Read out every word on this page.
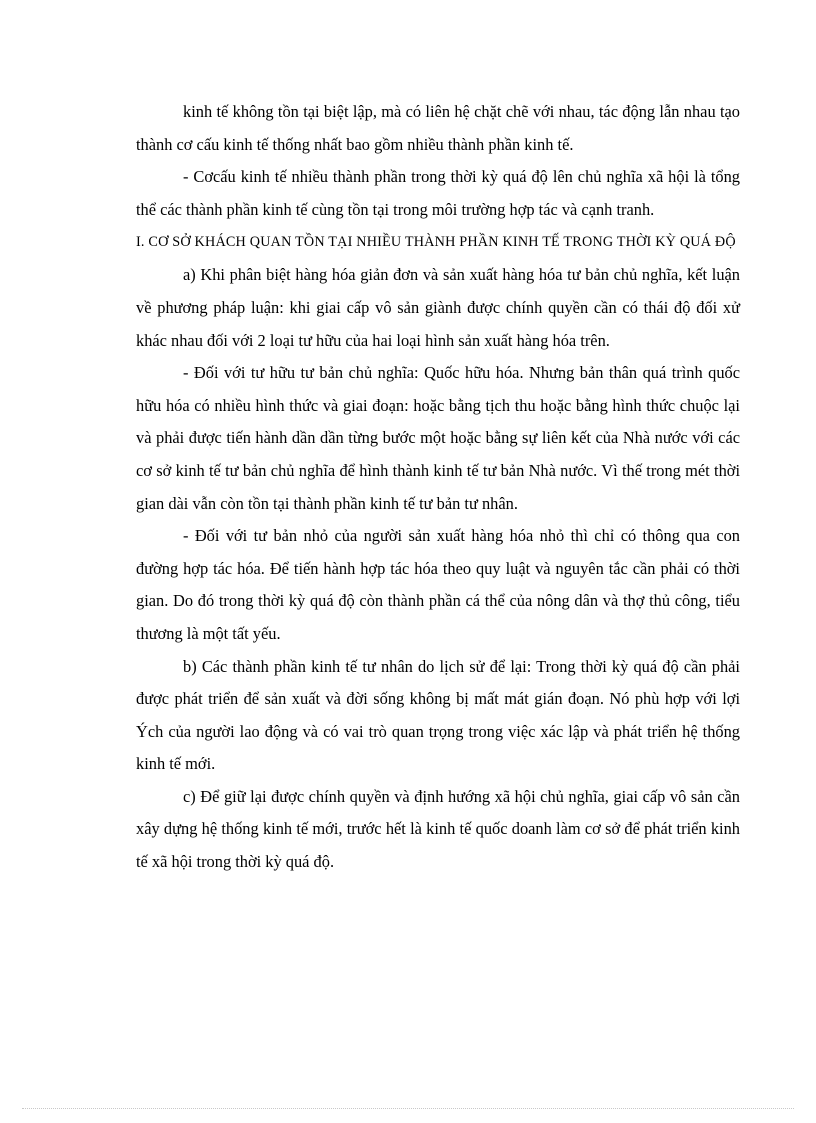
kinh tế không tồn tại biệt lập, mà có liên hệ chặt chẽ với nhau, tác động lẫn nhau tạo thành cơ cấu kinh tế thống nhất bao gồm nhiều thành phần kinh tế.

- Cơcấu kinh tế nhiều thành phần trong thời kỳ quá độ lên chủ nghĩa xã hội là tổng thể các thành phần kinh tế cùng tồn tại trong môi trường hợp tác và cạnh tranh.

I. CƠ SỞ KHÁCH QUAN TỒN TẠI NHIỀU THÀNH PHẦN KINH TẾ TRONG THỜI KỲ QUÁ ĐỘ

a) Khi phân biệt hàng hóa giản đơn và sản xuất hàng hóa tư bản chủ nghĩa, kết luận về phương pháp luận: khi giai cấp vô sản giành được chính quyền cần có thái độ đối xử khác nhau đối với 2 loại tư hữu của hai loại hình sản xuất hàng hóa trên.

- Đối với tư hữu tư bản chủ nghĩa: Quốc hữu hóa. Nhưng bản thân quá trình quốc hữu hóa có nhiều hình thức và giai đoạn: hoặc bằng tịch thu hoặc bằng hình thức chuộc lại và phải được tiến hành dần dần từng bước một hoặc bằng sự liên kết của Nhà nước với các cơ sở kinh tế tư bản chủ nghĩa để hình thành kinh tế tư bản Nhà nước. Vì thế trong mét thời gian dài vẫn còn tồn tại thành phần kinh tế tư bản tư nhân.

- Đối với tư bản nhỏ của người sản xuất hàng hóa nhỏ thì chỉ có thông qua con đường hợp tác hóa. Để tiến hành hợp tác hóa theo quy luật và nguyên tắc cần phải có thời gian. Do đó trong thời kỳ quá độ còn thành phần cá thể của nông dân và thợ thủ công, tiểu thương là một tất yếu.

b) Các thành phần kinh tế tư nhân do lịch sử để lại: Trong thời kỳ quá độ cần phải được phát triển để sản xuất và đời sống không bị mất mát gián đoạn. Nó phù hợp với lợi Ých của người lao động và có vai trò quan trọng trong việc xác lập và phát triển hệ thống kinh tế mới.

c) Để giữ lại được chính quyền và định hướng xã hội chủ nghĩa, giai cấp vô sản cần xây dựng hệ thống kinh tế mới, trước hết là kinh tế quốc doanh làm cơ sở để phát triển kinh tế xã hội trong thời kỳ quá độ.
